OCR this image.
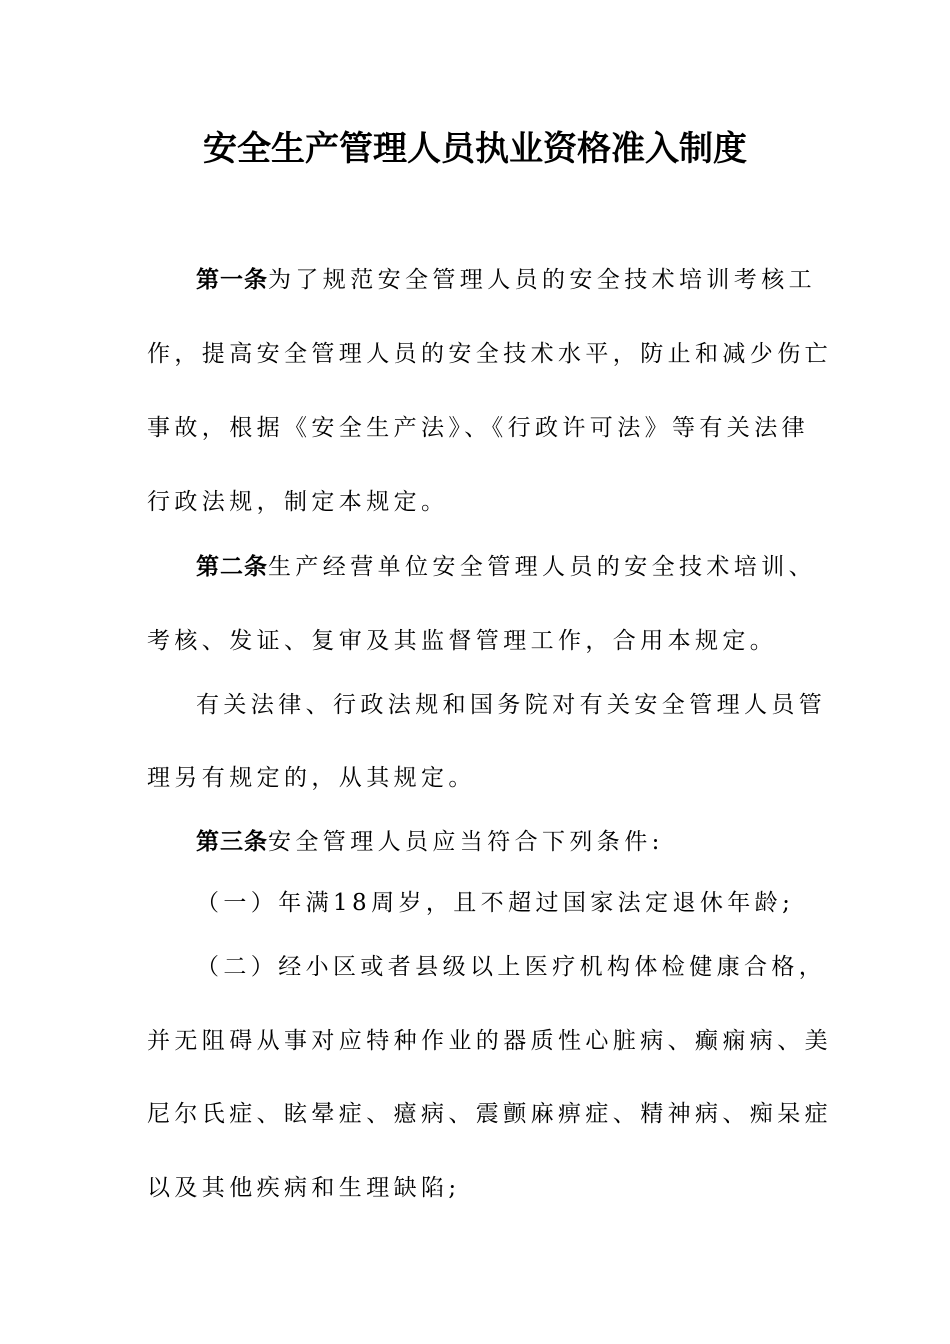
安全生产管理人员执业资格准入制度
第一条为了规范安全管理人员的安全技术培训考核工
作，提高安全管理人员的安全技术水平，防止和减少伤亡
事故，根据《安全生产法》、《行政许可法》等有关法律
行政法规，制定本规定。
第二条生产经营单位安全管理人员的安全技术培训、
考核、发证、复审及其监督管理工作，合用本规定。
有关法律、行政法规和国务院对有关安全管理人员管
理另有规定的，从其规定。
第三条安全管理人员应当符合下列条件:
（一）年满18周岁，且不超过国家法定退休年龄;
（二）经小区或者县级以上医疗机构体检健康合格，
并无阻碍从事对应特种作业的器质性心脏病、癫痫病、美
尼尔氏症、眩晕症、癔病、震颤麻痹症、精神病、痴呆症
以及其他疾病和生理缺陷;
